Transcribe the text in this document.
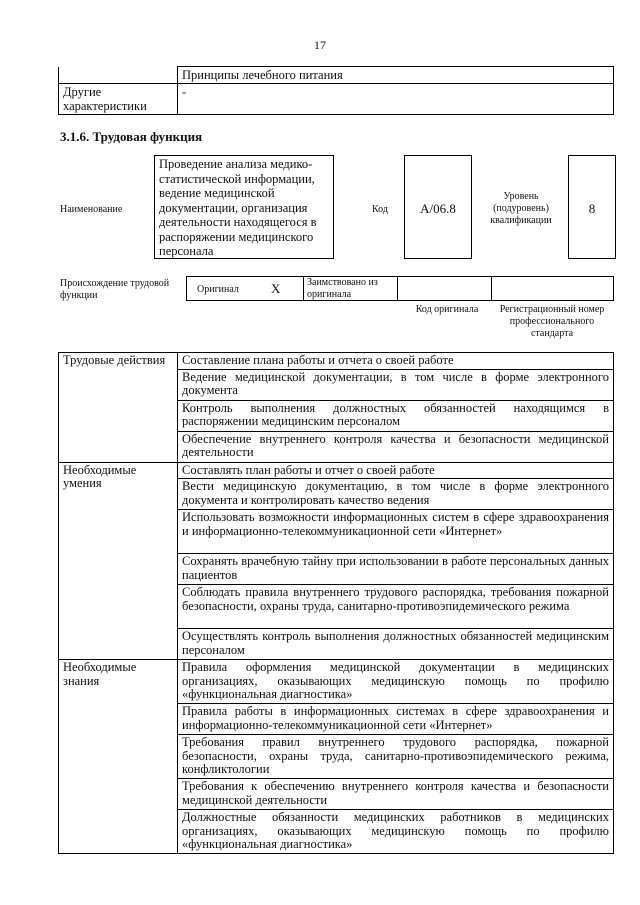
17
	Принципы лечебного питания
Другие характеристики	-
3.1.6. Трудовая функция
Наименование
Проведение анализа медико-статистической информации, ведение медицинской документации, организация деятельности находящегося в распоряжении медицинского персонала
Код	A/06.8
Уровень (подуровень) квалификации
8
Происхождение трудовой функции
Оригинал X	Заимствовано из оригинала
Код оригинала	Регистрационный номер профессионального стандарта
Трудовые действия	Составление плана работы и отчета о своей работе
	Ведение медицинской документации, в том числе в форме электронного документа
	Контроль выполнения должностных обязанностей находящимся в распоряжении медицинским персоналом
	Обеспечение внутреннего контроля качества и безопасности медицинской деятельности
Необходимые умения	Составлять план работы и отчет о своей работе
	Вести медицинскую документацию, в том числе в форме электронного документа и контролировать качество ведения
	Использовать возможности информационных систем в сфере здравоохранения и информационно-телекоммуникационной сети «Интернет»
	Сохранять врачебную тайну при использовании в работе персональных данных пациентов
	Соблюдать правила внутреннего трудового распорядка, требования пожарной безопасности, охраны труда, санитарно-противоэпидемического режима
	Осуществлять контроль выполнения должностных обязанностей медицинским персоналом
Необходимые знания	Правила оформления медицинской документации в медицинских организациях, оказывающих медицинскую помощь по профилю «функциональная диагностика»
	Правила работы в информационных системах в сфере здравоохранения и информационно-телекоммуникационной сети «Интернет»
	Требования правил внутреннего трудового распорядка, пожарной безопасности, охраны труда, санитарно-противоэпидемического режима, конфликтологии
	Требования к обеспечению внутреннего контроля качества и безопасности медицинской деятельности
	Должностные обязанности медицинских работников в медицинских организациях, оказывающих медицинскую помощь по профилю «функциональная диагностика»
